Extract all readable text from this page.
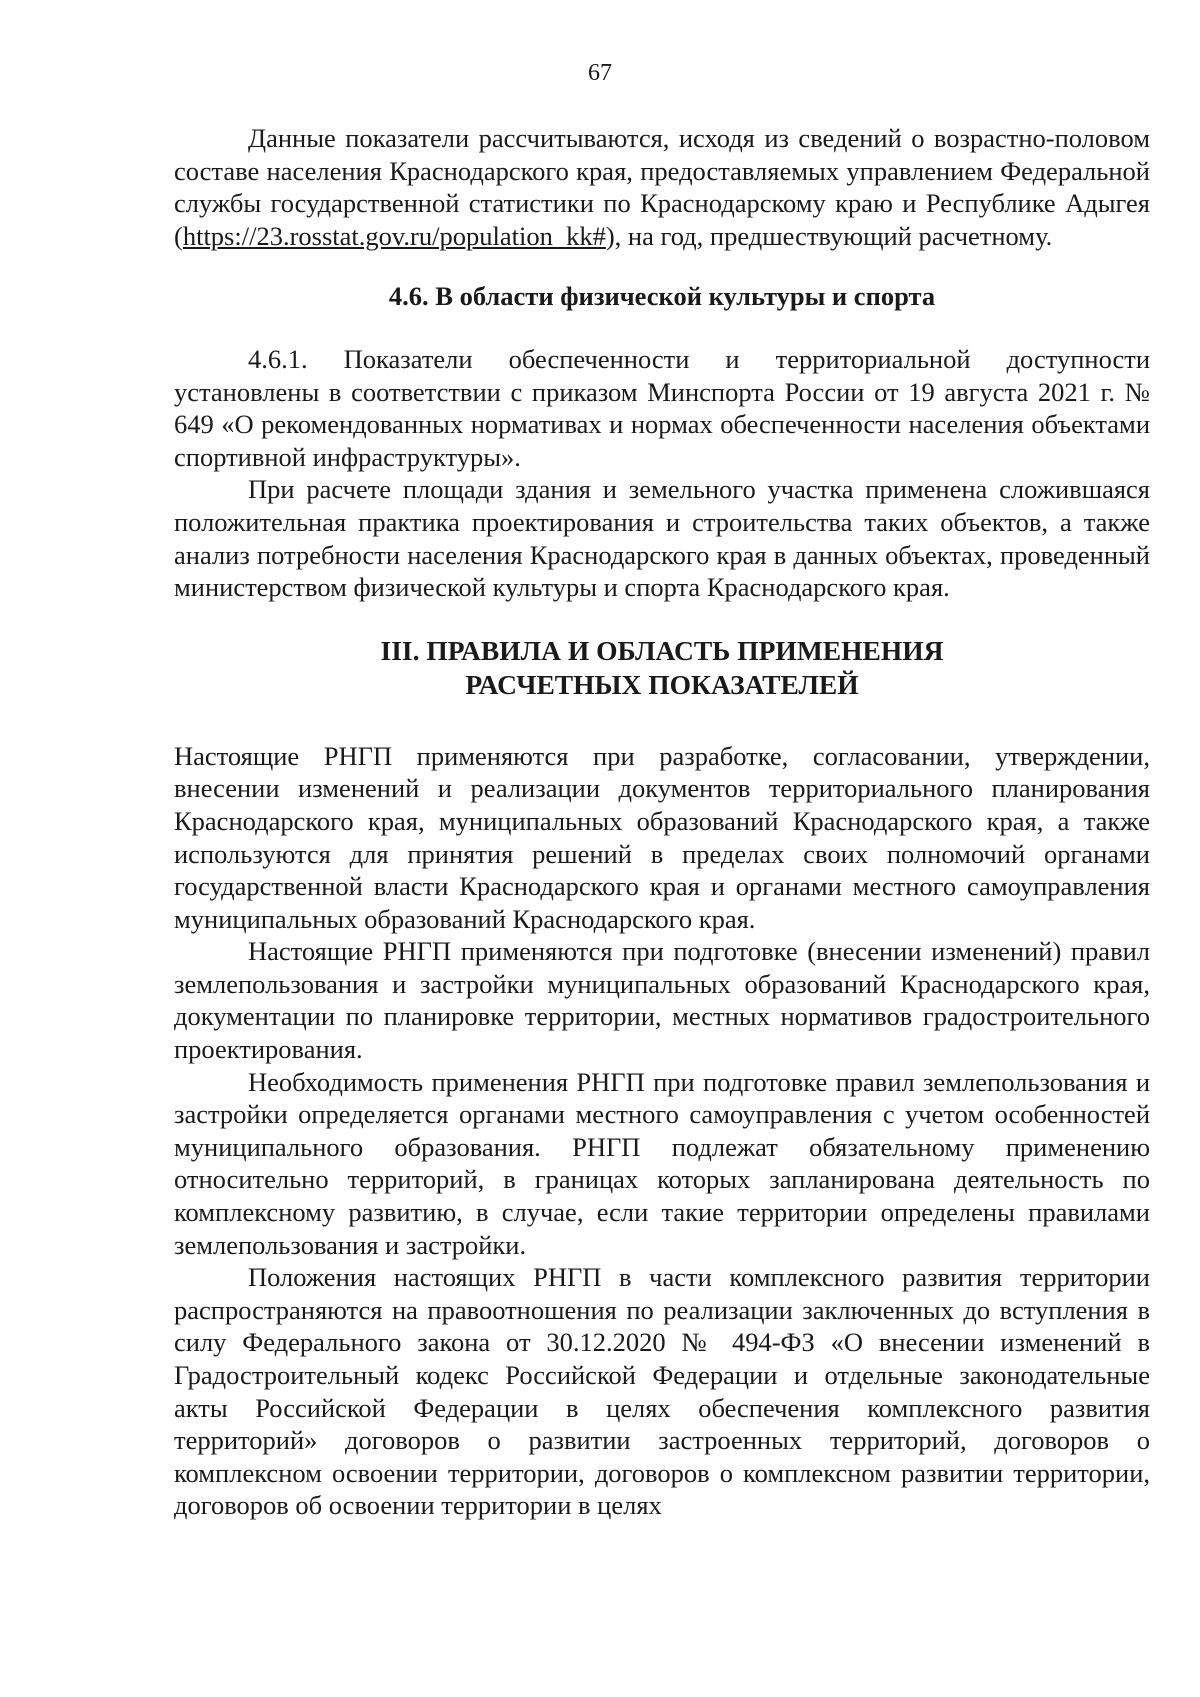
67

Данные показатели рассчитываются, исходя из сведений о возрастно-половом составе населения Краснодарского края, предоставляемых управлением Федеральной службы государственной статистики по Краснодарскому краю и Республике Адыгея (https://23.rosstat.gov.ru/population_kk#), на год, предшествующий расчетному.

4.6. В области физической культуры и спорта

4.6.1. Показатели обеспеченности и территориальной доступности установлены в соответствии с приказом Минспорта России от 19 августа 2021 г. № 649 «О рекомендованных нормативах и нормах обеспеченности населения объектами спортивной инфраструктуры».

При расчете площади здания и земельного участка применена сложившаяся положительная практика проектирования и строительства таких объектов, а также анализ потребности населения Краснодарского края в данных объектах, проведенный министерством физической культуры и спорта Краснодарского края.

III. ПРАВИЛА И ОБЛАСТЬ ПРИМЕНЕНИЯ
РАСЧЕТНЫХ ПОКАЗАТЕЛЕЙ

Настоящие РНГП применяются при разработке, согласовании, утверждении, внесении изменений и реализации документов территориального планирования Краснодарского края, муниципальных образований Краснодарского края, а также используются для принятия решений в пределах своих полномочий органами государственной власти Краснодарского края и органами местного самоуправления муниципальных образований Краснодарского края.

Настоящие РНГП применяются при подготовке (внесении изменений) правил землепользования и застройки муниципальных образований Краснодарского края, документации по планировке территории, местных нормативов градостроительного проектирования.

Необходимость применения РНГП при подготовке правил землепользования и застройки определяется органами местного самоуправления с учетом особенностей муниципального образования. РНГП подлежат обязательному применению относительно территорий, в границах которых запланирована деятельность по комплексному развитию, в случае, если такие территории определены правилами землепользования и застройки.

Положения настоящих РНГП в части комплексного развития территории распространяются на правоотношения по реализации заключенных до вступления в силу Федерального закона от 30.12.2020 № 494-ФЗ «О внесении изменений в Градостроительный кодекс Российской Федерации и отдельные законодательные акты Российской Федерации в целях обеспечения комплексного развития территорий» договоров о развитии застроенных территорий, договоров о комплексном освоении территории, договоров о комплексном развитии территории, договоров об освоении территории в целях
